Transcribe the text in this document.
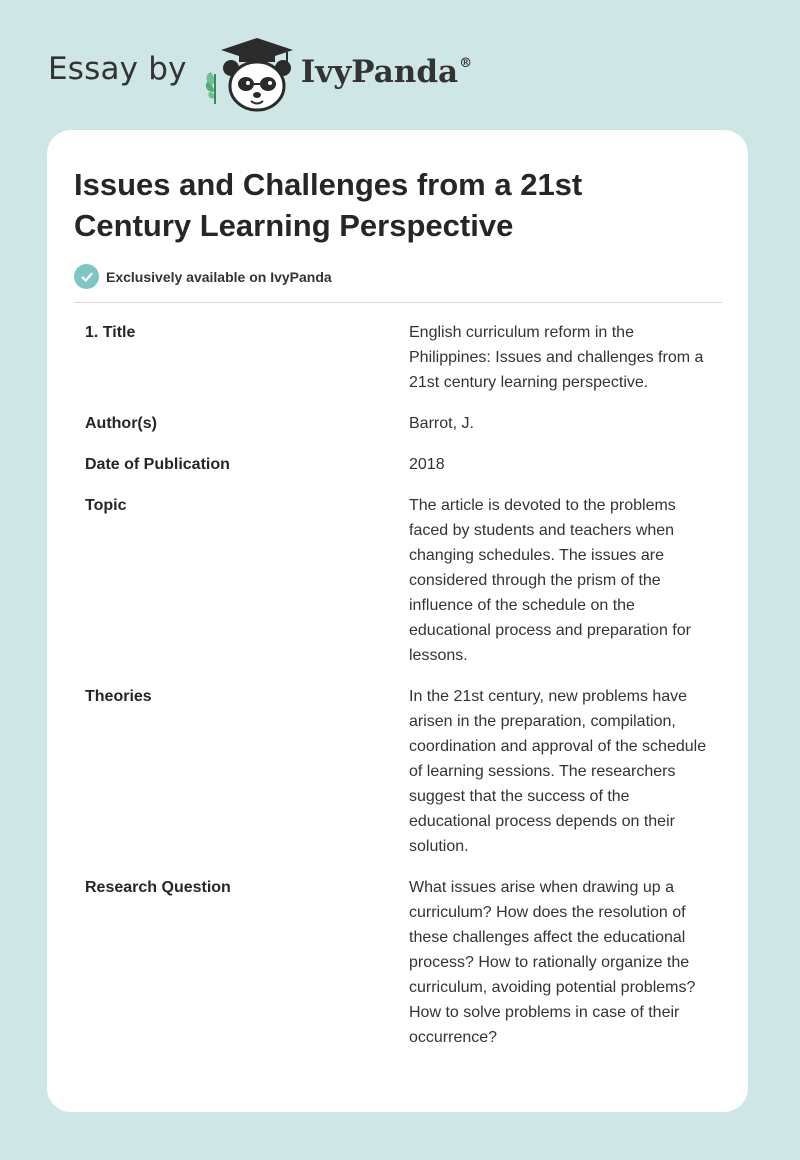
Essay by	IvyPanda®
Issues and Challenges from a 21st Century Learning Perspective
Exclusively available on IvyPanda
1. Title	English curriculum reform in the Philippines: Issues and challenges from a 21st century learning perspective.
Author(s)	Barrot, J.
Date of Publication	2018
Topic	The article is devoted to the problems faced by students and teachers when changing schedules. The issues are considered through the prism of the influence of the schedule on the educational process and preparation for lessons.
Theories	In the 21st century, new problems have arisen in the preparation, compilation, coordination and approval of the schedule of learning sessions. The researchers suggest that the success of the educational process depends on their solution.
Research Question	What issues arise when drawing up a curriculum? How does the resolution of these challenges affect the educational process? How to rationally organize the curriculum, avoiding potential problems? How to solve problems in case of their occurrence?
